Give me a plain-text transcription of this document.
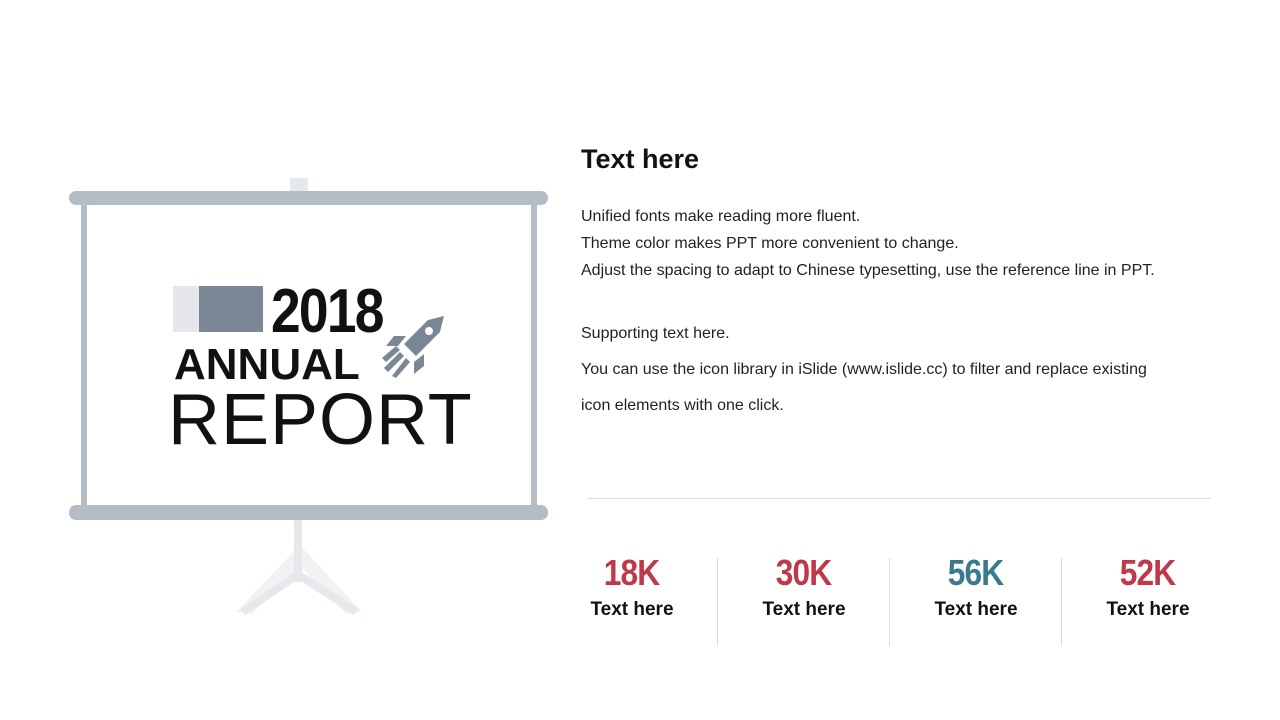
2018
ANNUAL
REPORT
Text here
Unified fonts make reading more fluent.
Theme color makes PPT more convenient to change.
Adjust the spacing to adapt to Chinese typesetting, use the reference line in PPT.
Supporting text here.
You can use the icon library in iSlide (www.islide.cc) to filter and replace existing
icon elements with one click.
18K
Text here
30K
Text here
56K
Text here
52K
Text here
